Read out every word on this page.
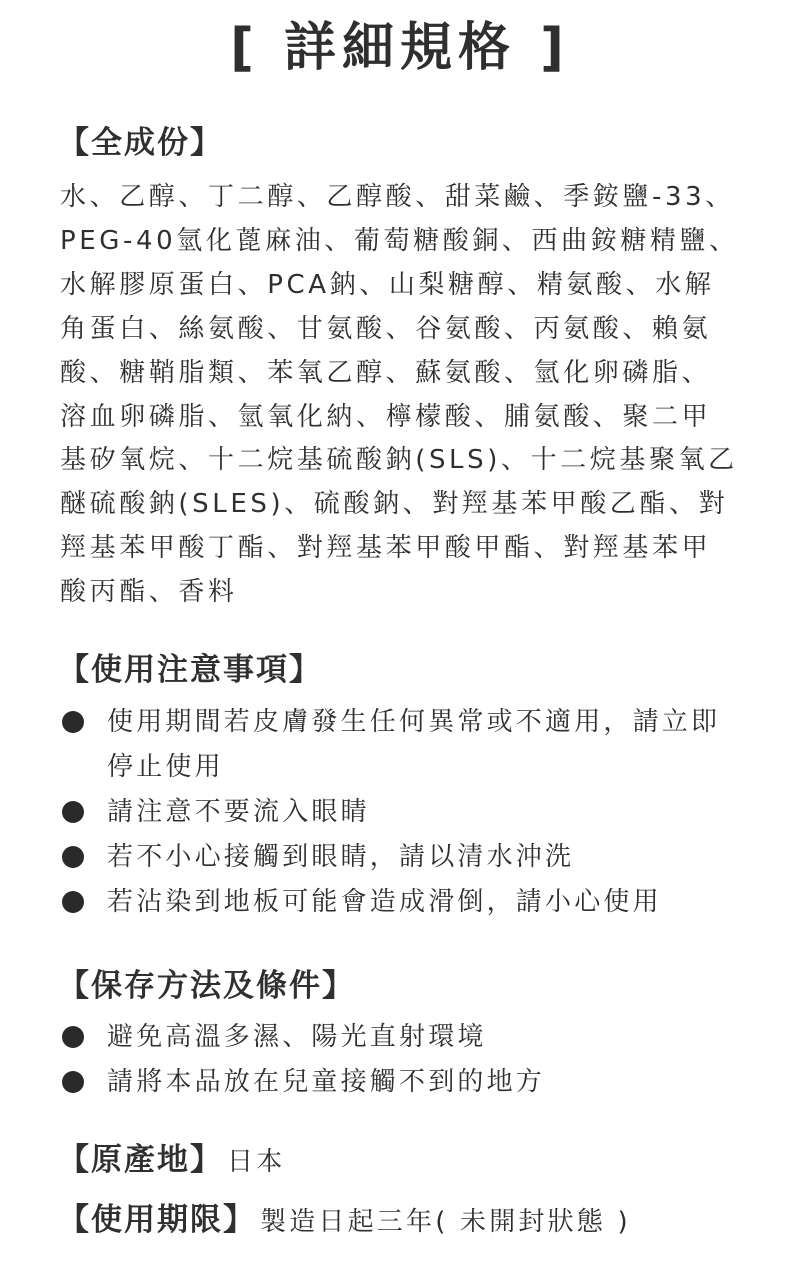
[ 詳細規格 ]
【全成份】
水、乙醇、丁二醇、乙醇酸、甜菜鹼、季銨鹽-33、
PEG-40氫化蓖麻油、葡萄糖酸銅、西曲銨糖精鹽、
水解膠原蛋白、PCA鈉、山梨糖醇、精氨酸、水解
角蛋白、絲氨酸、甘氨酸、谷氨酸、丙氨酸、賴氨
酸、糖鞘脂類、苯氧乙醇、蘇氨酸、氫化卵磷脂、
溶血卵磷脂、氫氧化納、檸檬酸、脯氨酸、聚二甲
基矽氧烷、十二烷基硫酸鈉(SLS)、十二烷基聚氧乙
醚硫酸鈉(SLES)、硫酸鈉、對羥基苯甲酸乙酯、對
羥基苯甲酸丁酯、對羥基苯甲酸甲酯、對羥基苯甲
酸丙酯、香料
【使用注意事項】
使用期間若皮膚發生任何異常或不適用，請立即
停止使用
請注意不要流入眼睛
若不小心接觸到眼睛，請以清水沖洗
若沾染到地板可能會造成滑倒，請小心使用
【保存方法及條件】
避免高溫多濕、陽光直射環境
請將本品放在兒童接觸不到的地方
【原產地】 日本
【使用期限】 製造日起三年( 未開封狀態 )
